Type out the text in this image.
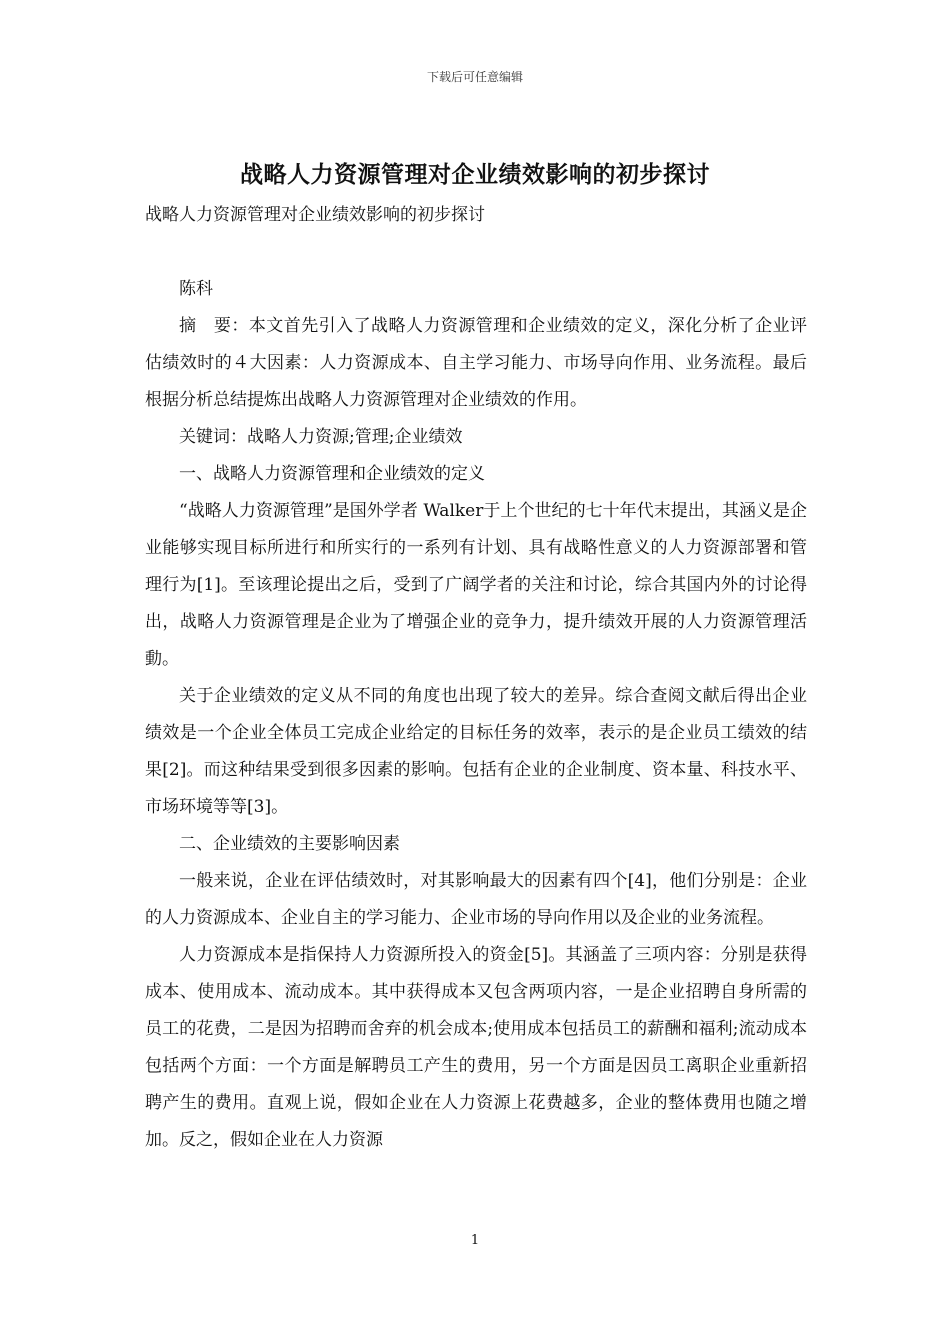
下载后可任意编辑
战略人力资源管理对企业绩效影响的初步探讨

战略人力资源管理对企业绩效影响的初步探讨

陈科

摘　要：本文首先引入了战略人力资源管理和企业绩效的定义，深化分析了企业评估绩效时的４大因素：人力资源成本、自主学习能力、市场导向作用、业务流程。最后根据分析总结提炼出战略人力资源管理对企业绩效的作用。

关键词：战略人力资源;管理;企业绩效

一、战略人力资源管理和企业绩效的定义

“战略人力资源管理”是国外学者 Walker于上个世纪的七十年代末提出，其涵义是企业能够实现目标所进行和所实行的一系列有计划、具有战略性意义的人力资源部署和管理行为[1]。至该理论提出之后，受到了广阔学者的关注和讨论，综合其国内外的讨论得出，战略人力资源管理是企业为了增强企业的竞争力，提升绩效开展的人力资源管理活動。

关于企业绩效的定义从不同的角度也出现了较大的差异。综合查阅文献后得出企业绩效是一个企业全体员工完成企业给定的目标任务的效率，表示的是企业员工绩效的结果[2]。而这种结果受到很多因素的影响。包括有企业的企业制度、资本量、科技水平、市场环境等等[3]。

二、企业绩效的主要影响因素

一般来说，企业在评估绩效时，对其影响最大的因素有四个[4]，他们分别是：企业的人力资源成本、企业自主的学习能力、企业市场的导向作用以及企业的业务流程。

人力资源成本是指保持人力资源所投入的资金[5]。其涵盖了三项内容：分别是获得成本、使用成本、流动成本。其中获得成本又包含两项内容，一是企业招聘自身所需的员工的花费，二是因为招聘而舍弃的机会成本;使用成本包括员工的薪酬和福利;流动成本包括两个方面：一个方面是解聘员工产生的费用，另一个方面是因员工离职企业重新招聘产生的费用。直观上说，假如企业在人力资源上花费越多，企业的整体费用也随之增加。反之，假如企业在人力资源

1
